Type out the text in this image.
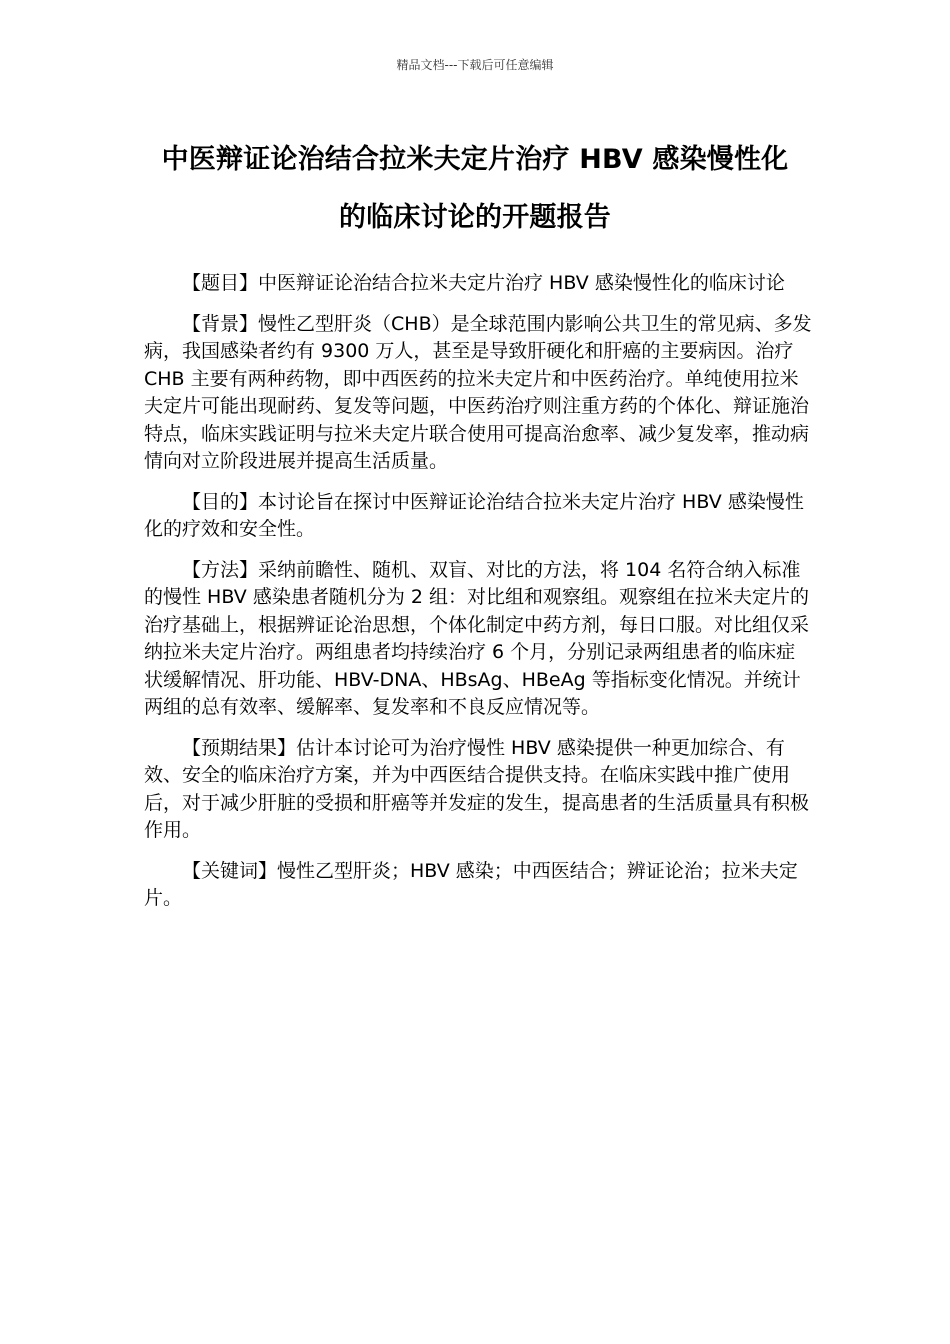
精品文档---下载后可任意编辑
中医辩证论治结合拉米夫定片治疗 HBV 感染慢性化
的临床讨论的开题报告

【题目】中医辩证论治结合拉米夫定片治疗 HBV 感染慢性化的临床讨论

【背景】慢性乙型肝炎（CHB）是全球范围内影响公共卫生的常见病、多发病，我国感染者约有 9300 万人，甚至是导致肝硬化和肝癌的主要病因。治疗 CHB 主要有两种药物，即中西医药的拉米夫定片和中医药治疗。单纯使用拉米夫定片可能出现耐药、复发等问题，中医药治疗则注重方药的个体化、辩证施治特点，临床实践证明与拉米夫定片联合使用可提高治愈率、减少复发率，推动病情向对立阶段进展并提高生活质量。

【目的】本讨论旨在探讨中医辩证论治结合拉米夫定片治疗 HBV 感染慢性化的疗效和安全性。

【方法】采纳前瞻性、随机、双盲、对比的方法，将 104 名符合纳入标准的慢性 HBV 感染患者随机分为 2 组：对比组和观察组。观察组在拉米夫定片的治疗基础上，根据辨证论治思想，个体化制定中药方剂，每日口服。对比组仅采纳拉米夫定片治疗。两组患者均持续治疗 6 个月，分别记录两组患者的临床症状缓解情况、肝功能、HBV-DNA、HBsAg、HBeAg 等指标变化情况。并统计两组的总有效率、缓解率、复发率和不良反应情况等。

【预期结果】估计本讨论可为治疗慢性 HBV 感染提供一种更加综合、有效、安全的临床治疗方案，并为中西医结合提供支持。在临床实践中推广使用后，对于减少肝脏的受损和肝癌等并发症的发生，提高患者的生活质量具有积极作用。

【关键词】慢性乙型肝炎；HBV 感染；中西医结合；辨证论治；拉米夫定片。
